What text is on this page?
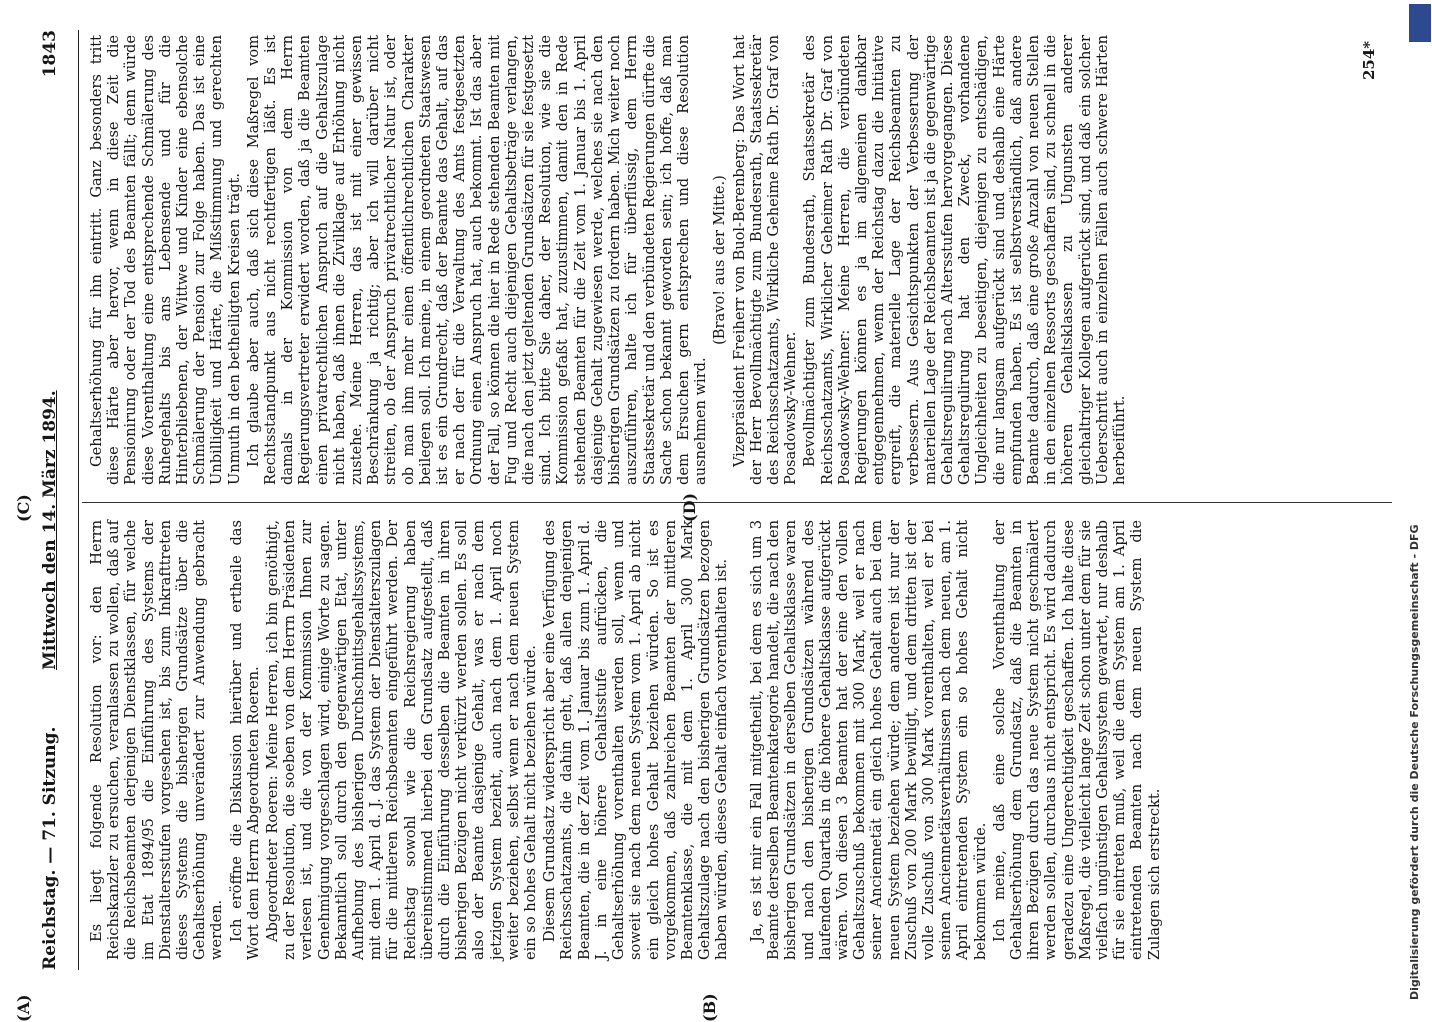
Reichstag. — 71. Sitzung.
Mittwoch den 14. März 1894.
1843
(A)	(B)
(C)	(D)

Es liegt folgende Resolution vor: den Herrn Reichskanzler zu ersuchen, veranlassen zu wollen, daß auf die Reichsbeamten derjenigen Dienstklassen, für welche im Etat 1894/95 die Einführung des Systems der Dienstaltersstufen vorgesehen ist, bis zum Inkrafttreten dieses Systems die bisherigen Grundsätze über die Gehaltserhöhung unverändert zur Anwendung gebracht werden. Ich eröffne die Diskussion hierüber und ertheile das Wort dem Herrn Abgeordneten Roeren. Abgeordneter Roeren: Meine Herren, ich bin genöthigt, zu der Resolution, die soeben von dem Herrn Präsidenten verlesen ist, und die von der Kommission Ihnen zur Genehmigung vorgeschlagen wird, einige Worte zu sagen. Bekanntlich soll durch den gegenwärtigen Etat, unter Aufhebung des bisherigen Durchschnittsgehaltssystems, mit dem 1. April d. J. das System der Dienstalterszulagen für die mittleren Reichsbeamten eingeführt werden. Der Reichstag sowohl wie die Reichsregierung haben übereinstimmend hierbei den Grundsatz aufgestellt, daß durch die Einführung desselben die Beamten in ihren bisherigen Bezügen nicht verkürzt werden sollen. Es soll also der Beamte dasjenige Gehalt, was er nach dem jetzigen System bezieht, auch nach dem 1. April noch weiter beziehen, selbst wenn er nach dem neuen System ein so hohes Gehalt nicht beziehen würde. Diesem Grundsatz widerspricht aber eine Verfügung des Reichsschatzamts, die dahin geht, daß allen denjenigen Beamten, die in der Zeit vom 1. Januar bis zum 1. April d. J. in eine höhere Gehaltsstufe aufrücken, die Gehaltserhöhung vorenthalten werden soll, wenn und soweit sie nach dem neuen System vom 1. April ab nicht ein gleich hohes Gehalt beziehen würden. So ist es vorgekommen, daß zahlreichen Beamten der mittleren Beamtenklasse, die mit dem 1. April 300 Mark Gehaltszulage nach den bisherigen Grundsätzen bezogen haben würden, dieses Gehalt einfach vorenthalten ist. Ja, es ist mir ein Fall mitgetheilt, bei dem es sich um 3 Beamte derselben Beamtenkategorie handelt, die nach den bisherigen Grundsätzen in derselben Gehaltsklasse waren und nach den bisherigen Grundsätzen während des laufenden Quartals in die höhere Gehaltsklasse aufgerückt wären. Von diesen 3 Beamten hat der eine den vollen Gehaltszuschuß bekommen mit 300 Mark, weil er nach seiner Anciennetät ein gleich hohes Gehalt auch bei dem neuen System beziehen würde; dem anderen ist nur der Zuschuß von 200 Mark bewilligt, und dem dritten ist der volle Zuschuß von 300 Mark vorenthalten, weil er bei seinen Anciennetätsverhältnissen nach dem neuen, am 1. April eintretenden System ein so hohes Gehalt nicht bekommen würde. Ich meine, daß eine solche Vorenthaltung der Gehaltserhöhung dem Grundsatz, daß die Beamten in ihren Bezügen durch das neue System nicht geschmälert werden sollen, durchaus nicht entspricht. Es wird dadurch geradezu eine Ungerechtigkeit geschaffen. Ich halte diese Maßregel, die vielleicht lange Zeit schon unter dem für sie vielfach ungünstigen Gehaltssystem gewartet, nur deshalb für sie eintreten muß, weil die dem System am 1. April eintretenden Beamten nach dem neuen System die Zulagen sich erstreckt.

Gehaltserhöhung für ihn eintritt. Ganz besonders tritt diese Härte aber hervor, wenn in diese Zeit die Pensionirung oder der Tod des Beamten fällt; denn würde diese Vorenthaltung eine entsprechende Schmälerung des Ruhegehalts bis ans Lebensende und für die Hinterbliebenen, der Wittwe und Kinder eine ebensolche Schmälerung der Pension zur Folge haben. Das ist eine Unbilligkeit und Härte, die Mißstimmung und gerechten Unmuth in den betheiligten Kreisen trägt. Ich glaube aber auch, daß sich diese Maßregel vom Rechtsstandpunkt aus nicht rechtfertigen läßt. Es ist damals in der Kommission von dem Herrn Regierungsvertreter erwidert worden, daß ja die Beamten einen privatrechtlichen Anspruch auf die Gehaltszulage nicht haben, daß ihnen die Zivilklage auf Erhöhung nicht zustehe. Meine Herren, das ist mit einer gewissen Beschränkung ja richtig; aber ich will darüber nicht streiten, ob der Anspruch privatrechtlicher Natur ist, oder ob man ihm mehr einen öffentlichrechtlichen Charakter beilegen soll. Ich meine, in einem geordneten Staatswesen ist es ein Grundrecht, daß der Beamte das Gehalt, auf das er nach der für die Verwaltung des Amts festgesetzten Ordnung einen Anspruch hat, auch bekommt. Ist das aber der Fall, so können die hier in Rede stehenden Beamten mit Fug und Recht auch diejenigen Gehaltsbeträge verlangen, die nach den jetzt geltenden Grundsätzen für sie festgesetzt sind. Ich bitte Sie daher, der Resolution, wie sie die Kommission gefaßt hat, zuzustimmen, damit den in Rede stehenden Beamten für die Zeit vom 1. Januar bis 1. April dasjenige Gehalt zugewiesen werde, welches sie nach den bisherigen Grundsätzen zu fordern haben. Mich weiter noch auszuführen, halte ich für überflüssig, dem Herrn Staatssekretär und den verbündeten Regierungen dürfte die Sache schon bekannt geworden sein; ich hoffe, daß man dem Ersuchen gern entsprechen und diese Resolution ausnehmen wird.

(Bravo! aus der Mitte.) Vizepräsident Freiherr von Buol-Berenberg: Das Wort hat der Herr Bevollmächtigte zum Bundesrath, Staatssekretär des Reichsschatzamts, Wirkliche Geheime Rath Dr. Graf von Posadowsky-Wehner. Bevollmächtigter zum Bundesrath, Staatssekretär des Reichsschatzamts, Wirklicher Geheimer Rath Dr. Graf von Posadowsky-Wehner: Meine Herren, die verbündeten Regierungen können es ja im allgemeinen dankbar entgegennehmen, wenn der Reichstag dazu die Initiative ergreift, die materielle Lage der Reichsbeamten zu verbessern. Aus Gesichtspunkten der Verbesserung der materiellen Lage der Reichsbeamten ist ja die gegenwärtige Gehaltsregulirung nach Altersstufen hervorgegangen. Diese Gehaltsregulirung hat den Zweck, vorhandene Ungleichheiten zu beseitigen, diejenigen zu entschädigen, die nur langsam aufgerückt sind und deshalb eine Härte empfunden haben. Es ist selbstverständlich, daß andere Beamte dadurch, daß eine große Anzahl von neuen Stellen in den einzelnen Ressorts geschaffen sind, zu schnell in die höheren Gehaltsklassen zu Ungunsten anderer gleichaltriger Kollegen aufgerückt sind, und daß ein solcher Ueberschritt auch in einzelnen Fällen auch schwere Härten herbeiführt.

254*
Digitalisierung gefördert durch die Deutsche Forschungsgemeinschaft - DFG
